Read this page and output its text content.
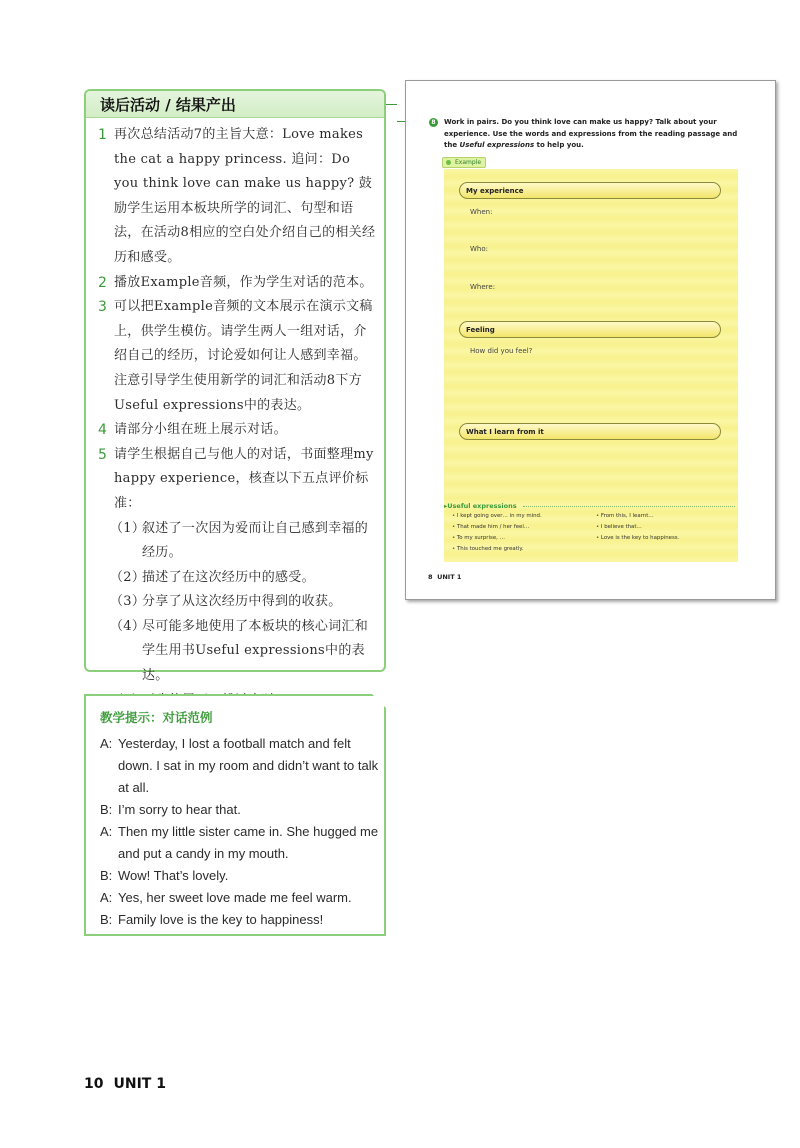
读后活动 / 结果产出
1 再次总结活动7的主旨大意：Love makes the cat a happy princess. 追问：Do you think love can make us happy? 鼓励学生运用本板块所学的词汇、句型和语法，在活动8相应的空白处介绍自己的相关经历和感受。
2 播放Example音频，作为学生对话的范本。
3 可以把Example音频的文本展示在演示文稿上，供学生模仿。请学生两人一组对话，介绍自己的经历，讨论爱如何让人感到幸福。注意引导学生使用新学的词汇和活动8下方Useful expressions中的表达。
4 请部分小组在班上展示对话。
5 请学生根据自己与他人的对话，书面整理my happy experience，核查以下五点评价标准：
（1）
叙述了一次因为爱而让自己感到幸福的经历。
（2）
描述了在这次经历中的感受。
（3）
分享了从这次经历中得到的收获。
（4）
尽可能多地使用了本板块的核心词汇和学生用书Useful expressions中的表达。
8	Work in pairs. Do you think love can make us happy? Talk about your
experience. Use the words and expressions from the reading passage and
the Useful expressions to help you.
Example
My experience
When:
Who:
Where:
Feeling
How did you feel?
What I learn from it
▸ Useful expressions
• I kept going over… in my mind.
• That made him / her feel…
• To my surprise, …
• This touched me greatly.
• From this, I learnt…
• I believe that…
• Love is the key to happiness.
8 UNIT 1
教学提示：对话范例
A: Yesterday, I lost a football match and felt down. I sat in my room and didn’t want to talk at all.
B: I’m sorry to hear that.
A: Then my little sister came in. She hugged me and put a candy in my mouth.
B: Wow! That’s lovely.
A: Yes, her sweet love made me feel warm.
B: Family love is the key to happiness!
10 UNIT 1
